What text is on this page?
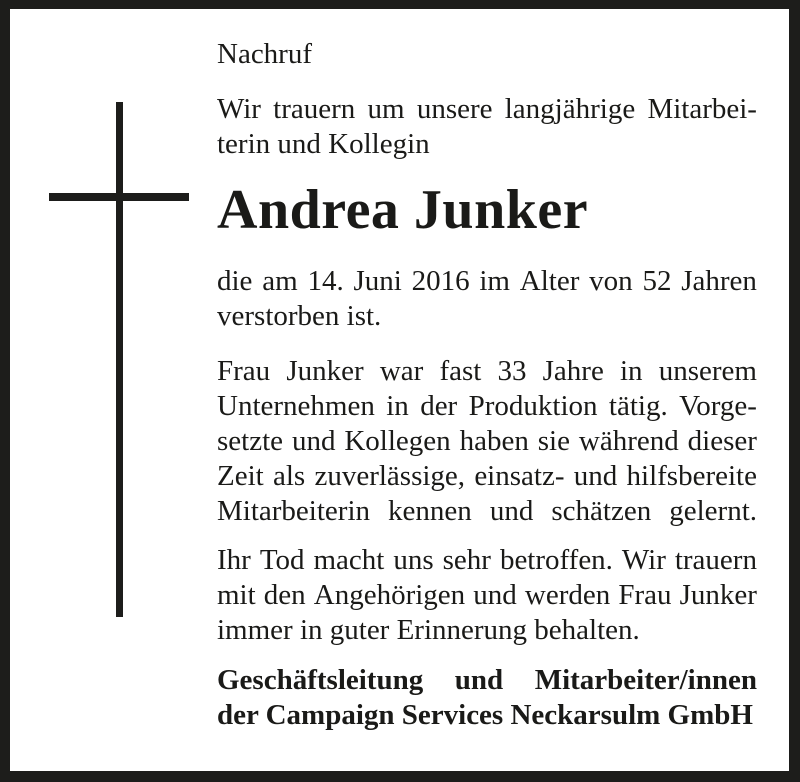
Nachruf
Wir trauern um unsere langjährige Mitarbei-
terin und Kollegin
Andrea Junker
die am 14. Juni 2016 im Alter von 52 Jahren
verstorben ist.
Frau Junker war fast 33 Jahre in unserem
Unternehmen in der Produktion tätig. Vorge-
setzte und Kollegen haben sie während dieser
Zeit als zuverlässige, einsatz- und hilfsbereite
Mitarbeiterin kennen und schätzen gelernt.
Ihr Tod macht uns sehr betroffen. Wir trauern
mit den Angehörigen und werden Frau Junker
immer in guter Erinnerung behalten.
Geschäftsleitung und Mitarbeiter/innen
der Campaign Services Neckarsulm GmbH
